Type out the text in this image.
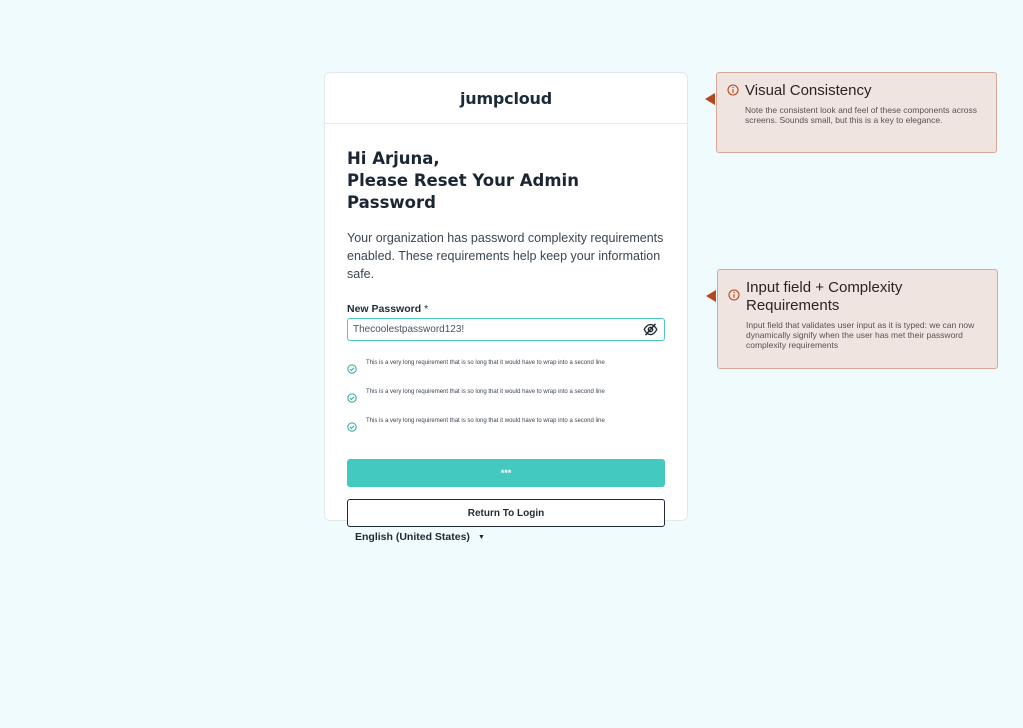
jumpcloud
Hi Arjuna,
Please Reset Your Admin Password

Your organization has password complexity requirements enabled. These requirements help keep your information safe.

New Password *
Thecoolestpassword123!
This is a very long requirement that is so long that it would have to wrap into a second line
This is a very long requirement that is so long that it would have to wrap into a second line
This is a very long requirement that is so long that it would have to wrap into a second line
***
Return To Login
English (United States) ▼
Visual Consistency
Note the consistent look and feel of these components across screens. Sounds small, but this is a key to elegance.
Input field + Complexity Requirements
Input field that validates user input as it is typed: we can now dynamically signify when the user has met their password complexity requirements
